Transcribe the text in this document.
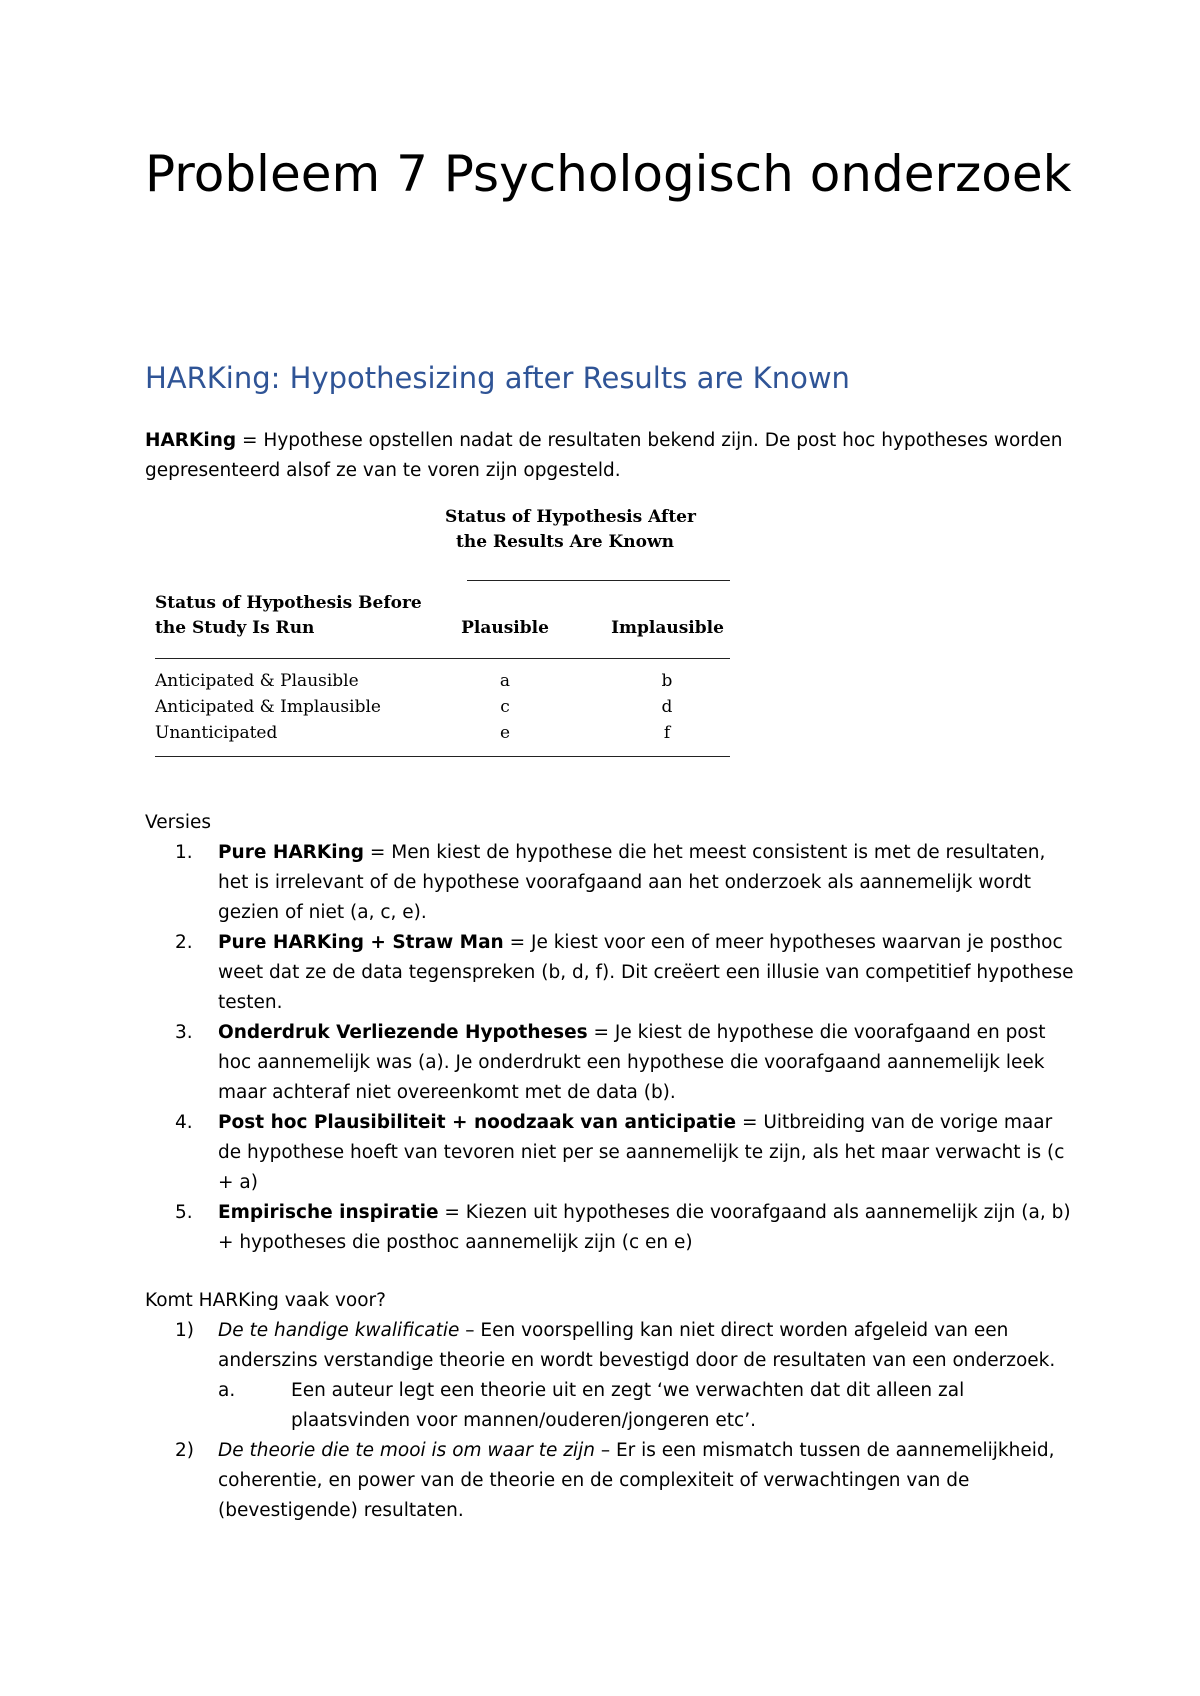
Probleem 7 Psychologisch onderzoek
HARKing: Hypothesizing after Results are Known

HARKing = Hypothese opstellen nadat de resultaten bekend zijn. De post hoc hypotheses worden gepresenteerd alsof ze van te voren zijn opgesteld.

Status of Hypothesis After
the Results Are Known
Status of Hypothesis Before
the Study Is Run	Plausible	Implausible
Anticipated & Plausible	a	b
Anticipated & Implausible	c	d
Unanticipated	e	f

Versies

1.	Pure HARKing = Men kiest de hypothese die het meest consistent is met de resultaten, het is irrelevant of de hypothese voorafgaand aan het onderzoek als aannemelijk wordt gezien of niet (a, c, e).
2.	Pure HARKing + Straw Man = Je kiest voor een of meer hypotheses waarvan je posthoc weet dat ze de data tegenspreken (b, d, f). Dit creëert een illusie van competitief hypothese testen.
3.	Onderdruk Verliezende Hypotheses = Je kiest de hypothese die voorafgaand en post hoc aannemelijk was (a). Je onderdrukt een hypothese die voorafgaand aannemelijk leek maar achteraf niet overeenkomt met de data (b).
4.	Post hoc Plausibiliteit + noodzaak van anticipatie = Uitbreiding van de vorige maar de hypothese hoeft van tevoren niet per se aannemelijk te zijn, als het maar verwacht is (c + a)
5.	Empirische inspiratie = Kiezen uit hypotheses die voorafgaand als aannemelijk zijn (a, b) + hypotheses die posthoc aannemelijk zijn (c en e)

Komt HARKing vaak voor?

1)	De te handige kwalificatie – Een voorspelling kan niet direct worden afgeleid van een anderszins verstandige theorie en wordt bevestigd door de resultaten van een onderzoek.
a.	Een auteur legt een theorie uit en zegt ‘we verwachten dat dit alleen zal plaatsvinden voor mannen/ouderen/jongeren etc’.
2)	De theorie die te mooi is om waar te zijn – Er is een mismatch tussen de aannemelijkheid, coherentie, en power van de theorie en de complexiteit of verwachtingen van de (bevestigende) resultaten.
